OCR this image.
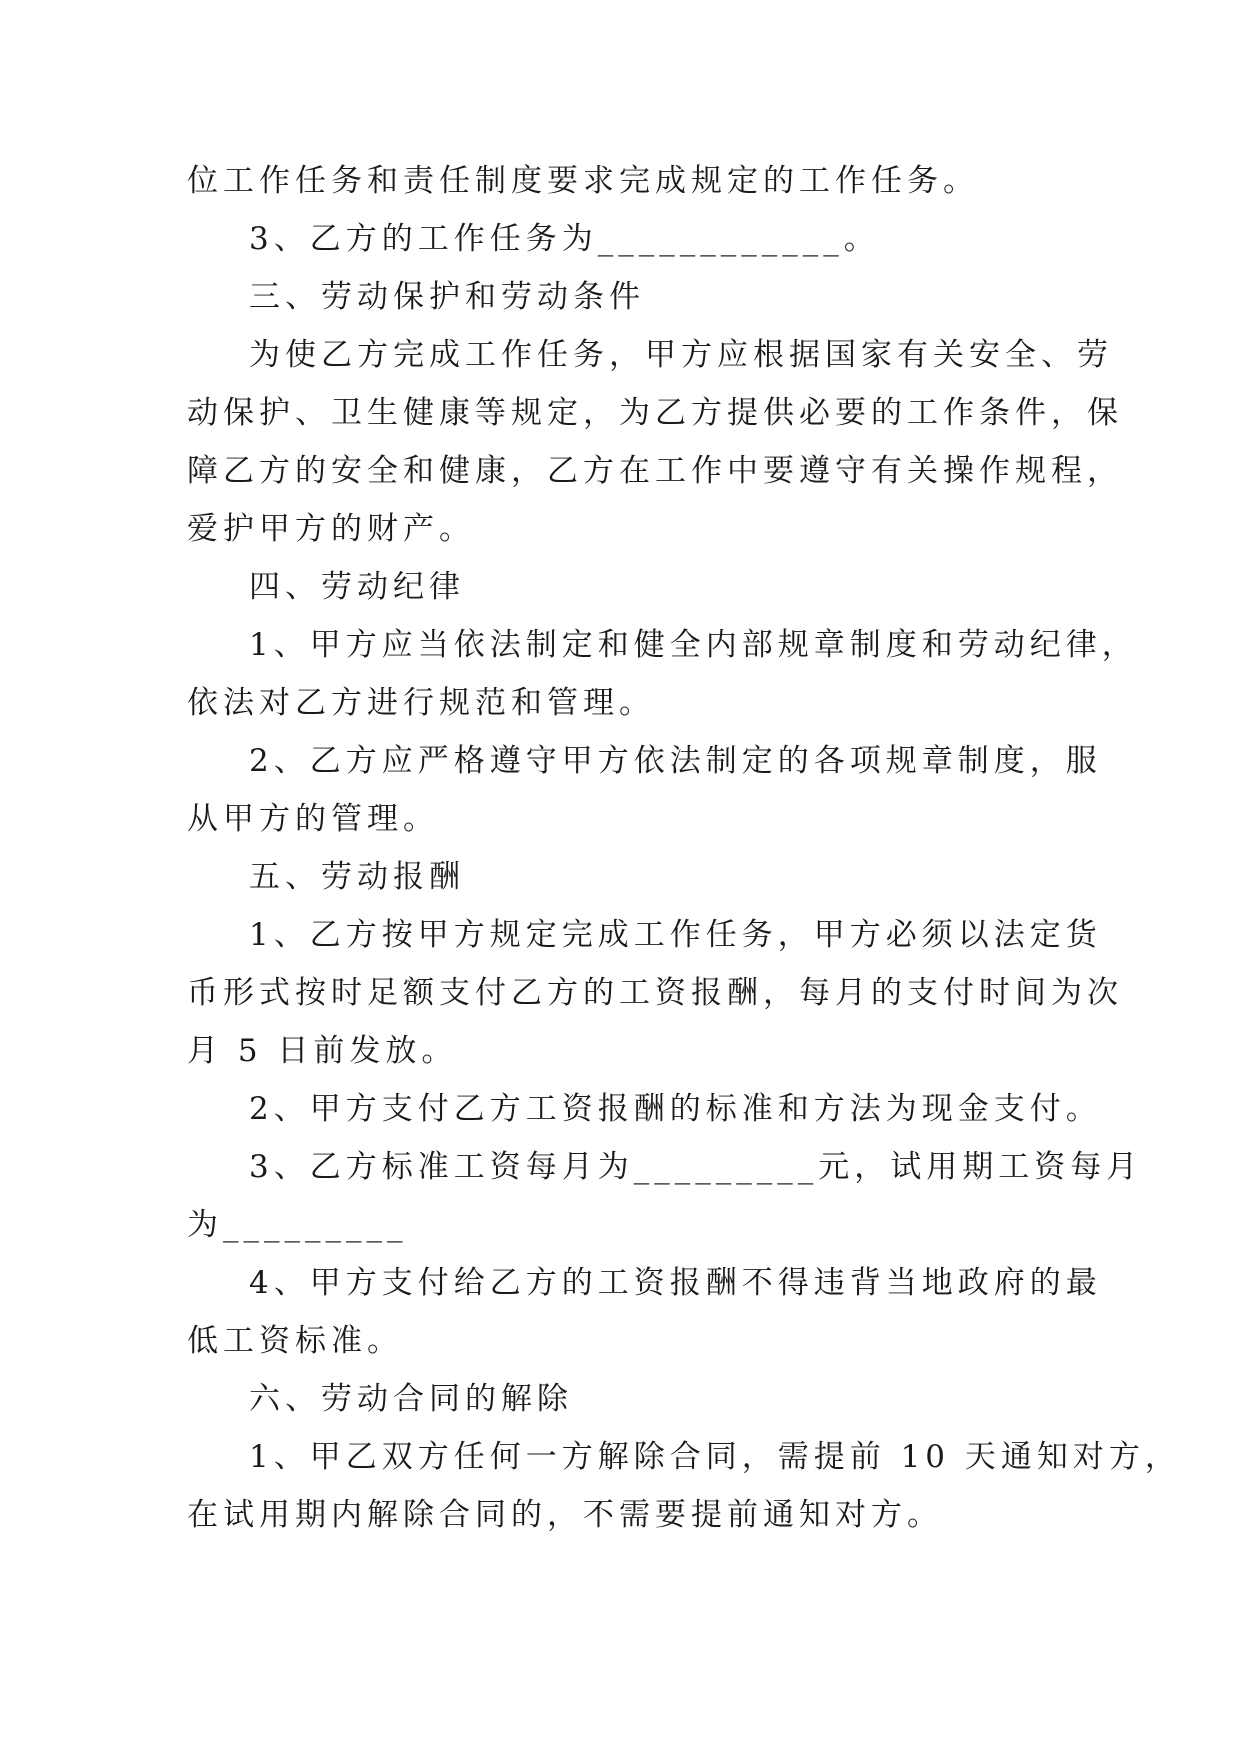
位工作任务和责任制度要求完成规定的工作任务。
3、乙方的工作任务为____________。
三、劳动保护和劳动条件
为使乙方完成工作任务，甲方应根据国家有关安全、劳
动保护、卫生健康等规定，为乙方提供必要的工作条件，保
障乙方的安全和健康，乙方在工作中要遵守有关操作规程，
爱护甲方的财产。
四、劳动纪律
1、甲方应当依法制定和健全内部规章制度和劳动纪律，
依法对乙方进行规范和管理。
2、乙方应严格遵守甲方依法制定的各项规章制度，服
从甲方的管理。
五、劳动报酬
1、乙方按甲方规定完成工作任务，甲方必须以法定货
币形式按时足额支付乙方的工资报酬，每月的支付时间为次
月 5 日前发放。
2、甲方支付乙方工资报酬的标准和方法为现金支付。
3、乙方标准工资每月为_________元，试用期工资每月
为_________
4、甲方支付给乙方的工资报酬不得违背当地政府的最
低工资标准。
六、劳动合同的解除
1、甲乙双方任何一方解除合同，需提前 10 天通知对方，
在试用期内解除合同的，不需要提前通知对方。
